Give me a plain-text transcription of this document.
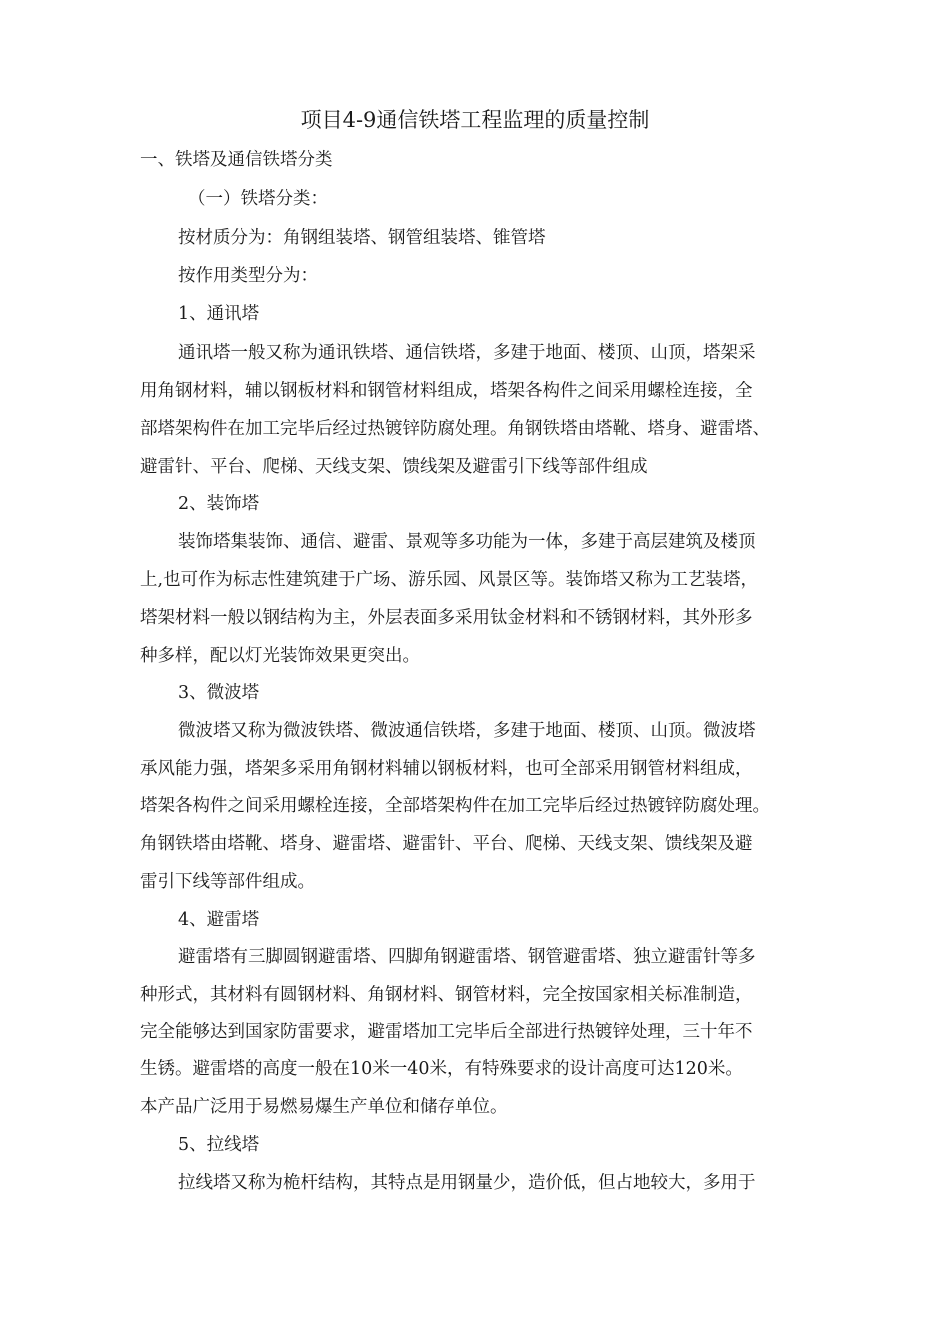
项目4-9通信铁塔工程监理的质量控制
一、铁塔及通信铁塔分类
（一）铁塔分类：
按材质分为：角钢组装塔、钢管组装塔、锥管塔
按作用类型分为：
1、通讯塔
通讯塔一般又称为通讯铁塔、通信铁塔，多建于地面、楼顶、山顶，塔架采
用角钢材料，辅以钢板材料和钢管材料组成，塔架各构件之间采用螺栓连接，全
部塔架构件在加工完毕后经过热镀锌防腐处理。角钢铁塔由塔靴、塔身、避雷塔、
避雷针、平台、爬梯、天线支架、馈线架及避雷引下线等部件组成
2、装饰塔
装饰塔集装饰、通信、避雷、景观等多功能为一体，多建于高层建筑及楼顶
上,也可作为标志性建筑建于广场、游乐园、风景区等。装饰塔又称为工艺装塔，
塔架材料一般以钢结构为主，外层表面多采用钛金材料和不锈钢材料，其外形多
种多样，配以灯光装饰效果更突出。
3、微波塔
微波塔又称为微波铁塔、微波通信铁塔，多建于地面、楼顶、山顶。微波塔
承风能力强，塔架多采用角钢材料辅以钢板材料，也可全部采用钢管材料组成，
塔架各构件之间采用螺栓连接，全部塔架构件在加工完毕后经过热镀锌防腐处理。
角钢铁塔由塔靴、塔身、避雷塔、避雷针、平台、爬梯、天线支架、馈线架及避
雷引下线等部件组成。
4、避雷塔
避雷塔有三脚圆钢避雷塔、四脚角钢避雷塔、钢管避雷塔、独立避雷针等多
种形式，其材料有圆钢材料、角钢材料、钢管材料，完全按国家相关标准制造，
完全能够达到国家防雷要求，避雷塔加工完毕后全部进行热镀锌处理，三十年不
生锈。避雷塔的高度一般在10米一40米，有特殊要求的设计高度可达120米。
本产品广泛用于易燃易爆生产单位和储存单位。
5、拉线塔
拉线塔又称为桅杆结构，其特点是用钢量少，造价低，但占地较大，多用于
